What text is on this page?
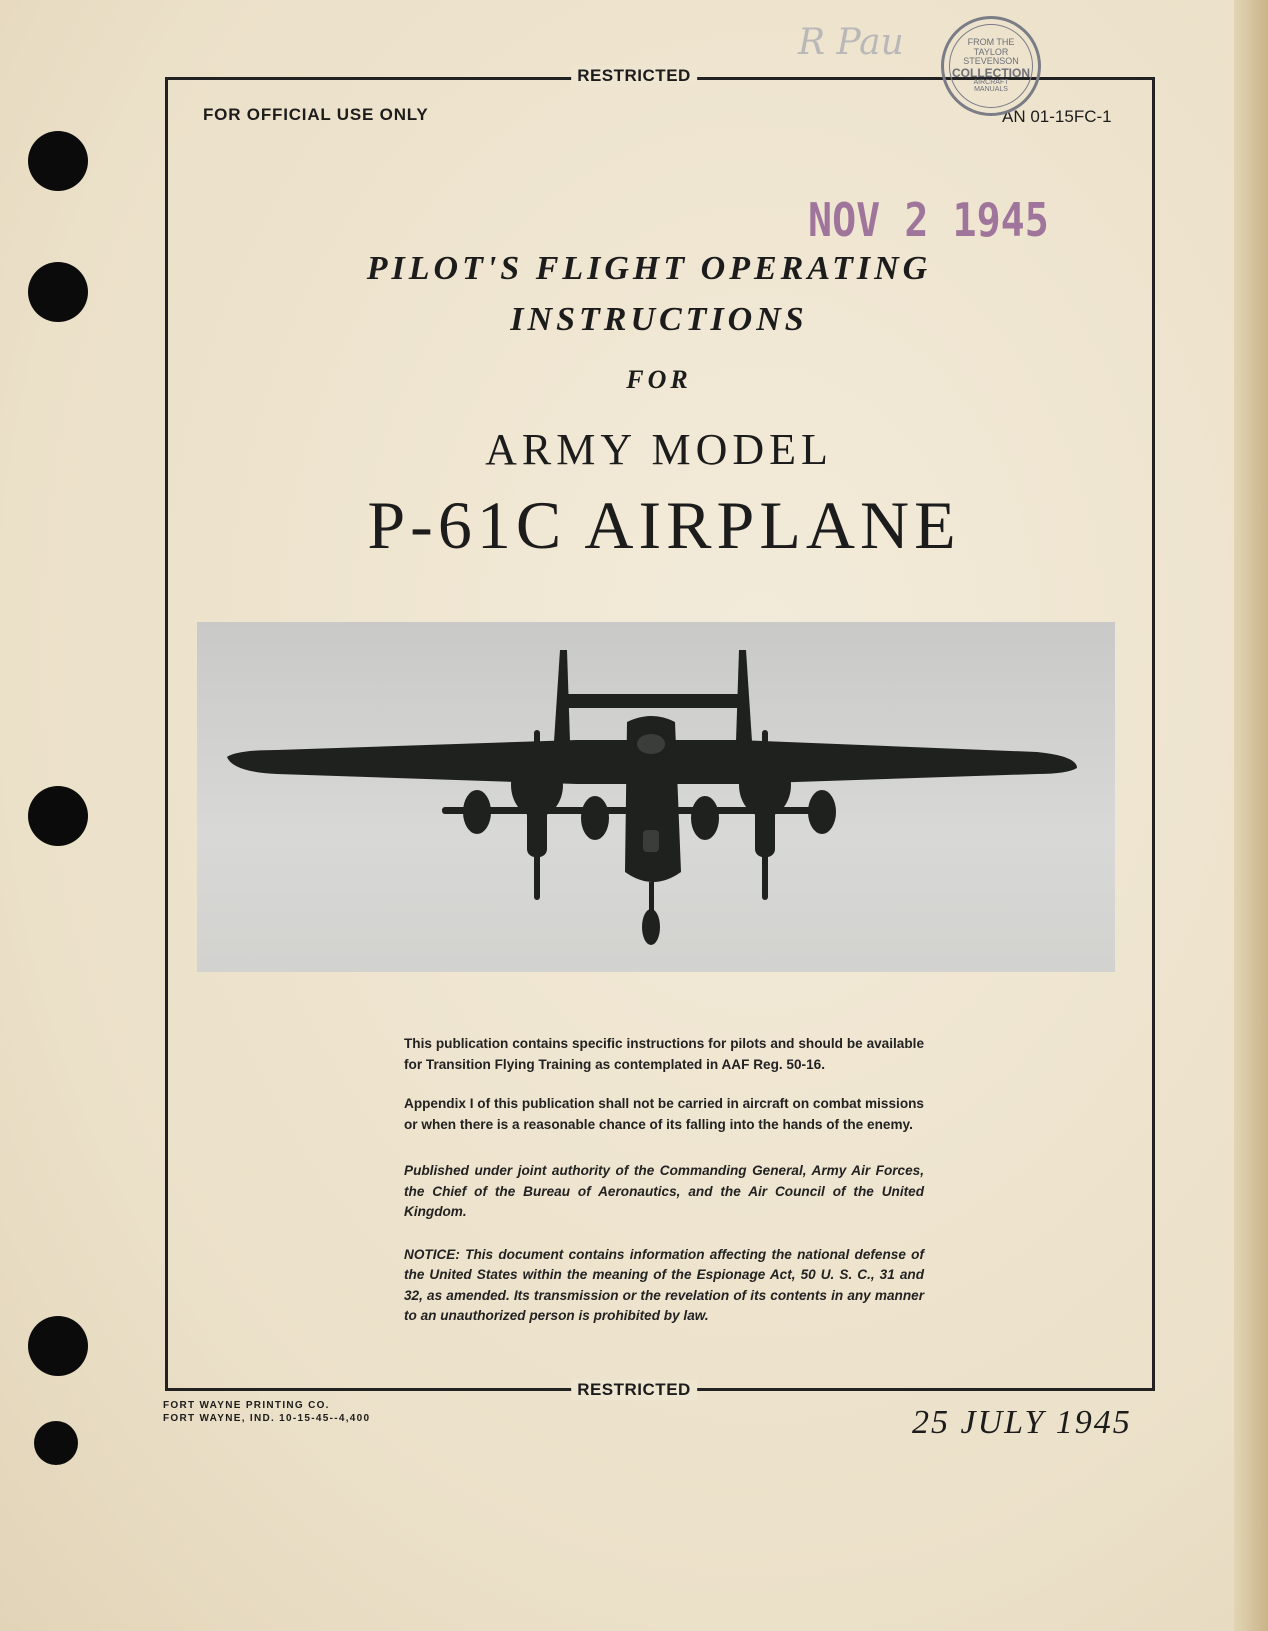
R Pau
RESTRICTED
FOR OFFICIAL USE ONLY	AN 01-15FC-1
FROM THE
TAYLOR
STEVENSON
COLLECTION
AIRCRAFT
MANUALS
NOV 2 1945
PILOT'S FLIGHT OPERATING
INSTRUCTIONS
FOR
ARMY MODEL
P-61C AIRPLANE

This publication contains specific instructions for pilots and should be available for Transition Flying Training as contemplated in AAF Reg. 50-16.

Appendix I of this publication shall not be carried in aircraft on combat missions or when there is a reasonable chance of its falling into the hands of the enemy.

Published under joint authority of the Commanding General, Army Air Forces, the Chief of the Bureau of Aeronautics, and the Air Council of the United Kingdom.

NOTICE: This document contains information affecting the national defense of the United States within the meaning of the Espionage Act, 50 U. S. C., 31 and 32, as amended. Its transmission or the revelation of its contents in any manner to an unauthorized person is prohibited by law.

RESTRICTED
FORT WAYNE PRINTING CO.
FORT WAYNE, IND. 10-15-45--4,400	25 JULY 1945
